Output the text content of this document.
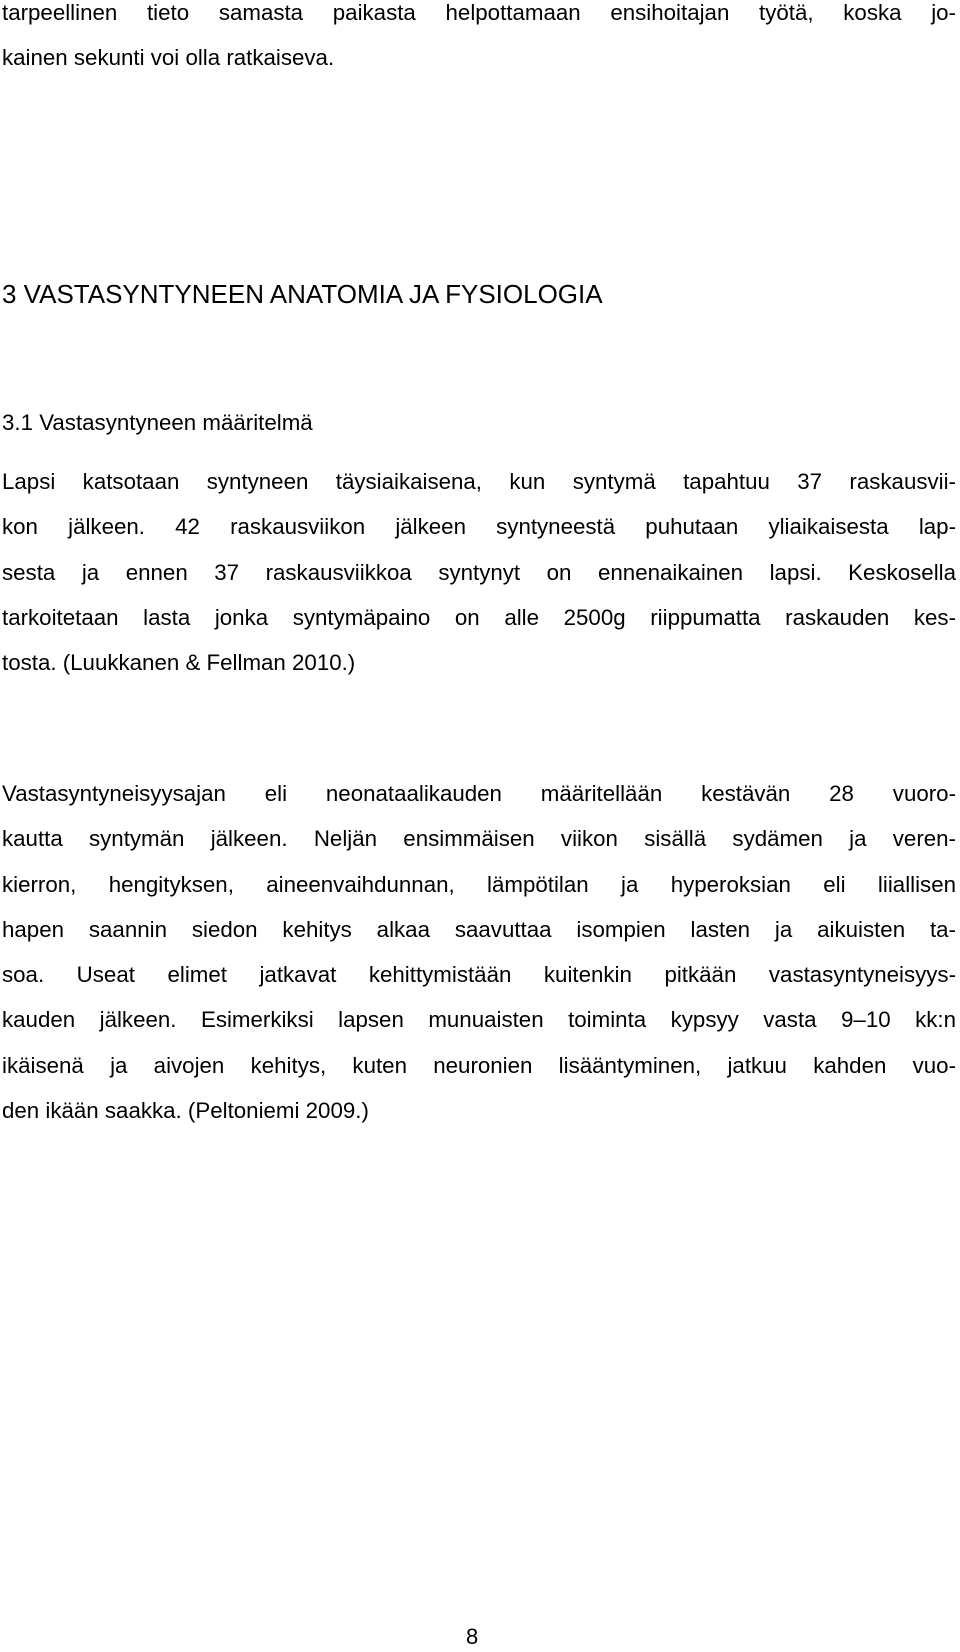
tarpeellinen tieto samasta paikasta helpottamaan ensihoitajan työtä, koska jo-
kainen sekunti voi olla ratkaiseva.
3 VASTASYNTYNEEN ANATOMIA JA FYSIOLOGIA
3.1 Vastasyntyneen määritelmä
Lapsi katsotaan syntyneen täysiaikaisena, kun syntymä tapahtuu 37 raskausvii-
kon jälkeen. 42 raskausviikon jälkeen syntyneestä puhutaan yliaikaisesta lap-
sesta ja ennen 37 raskausviikkoa syntynyt on ennenaikainen lapsi. Keskosella
tarkoitetaan lasta jonka syntymäpaino on alle 2500g riippumatta raskauden kes-
tosta. (Luukkanen & Fellman 2010.)
Vastasyntyneisyysajan eli neonataalikauden määritellään kestävän 28 vuoro-
kautta syntymän jälkeen. Neljän ensimmäisen viikon sisällä sydämen ja veren-
kierron, hengityksen, aineenvaihdunnan, lämpötilan ja hyperoksian eli liiallisen
hapen saannin siedon kehitys alkaa saavuttaa isompien lasten ja aikuisten ta-
soa. Useat elimet jatkavat kehittymistään kuitenkin pitkään vastasyntyneisyys-
kauden jälkeen. Esimerkiksi lapsen munuaisten toiminta kypsyy vasta 9–10 kk:n
ikäisenä ja aivojen kehitys, kuten neuronien lisääntyminen, jatkuu kahden vuo-
den ikään saakka. (Peltoniemi 2009.)
8
